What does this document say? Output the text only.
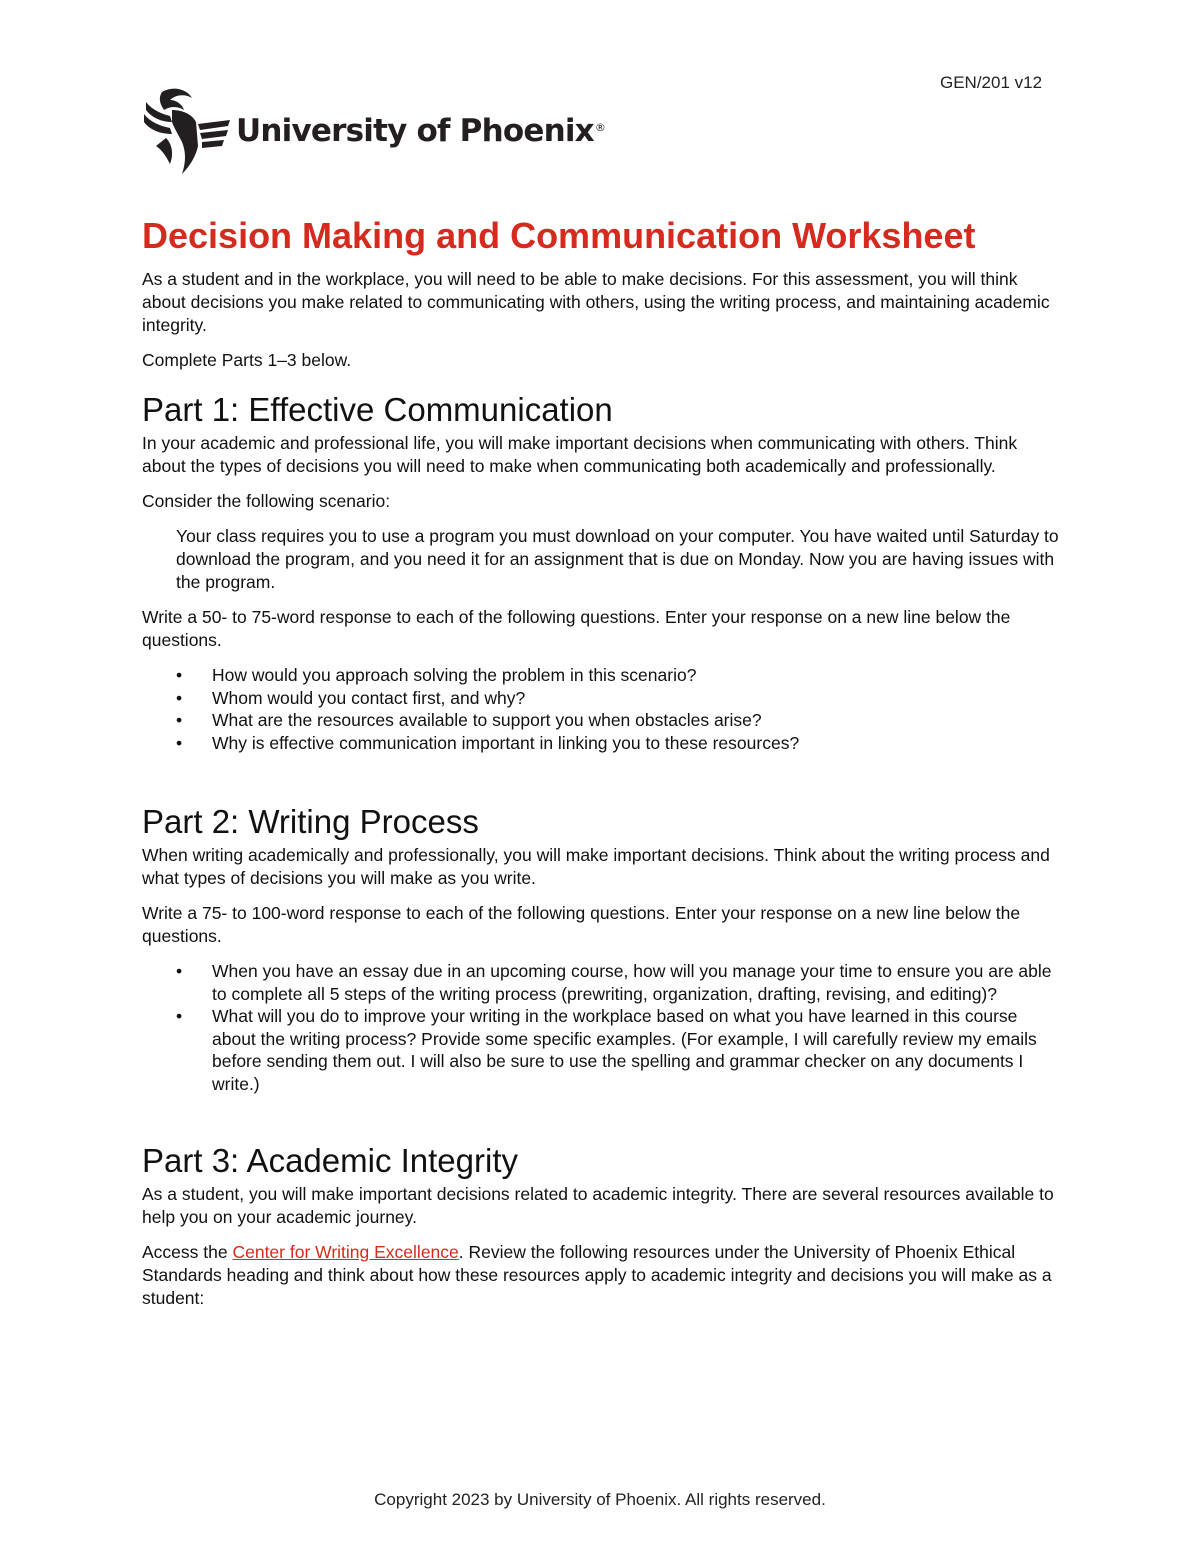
GEN/201 v12
University of Phoenix®
Decision Making and Communication Worksheet

As a student and in the workplace, you will need to be able to make decisions. For this assessment, you will think about decisions you make related to communicating with others, using the writing process, and maintaining academic integrity.

Complete Parts 1–3 below.

Part 1: Effective Communication

In your academic and professional life, you will make important decisions when communicating with others. Think about the types of decisions you will need to make when communicating both academically and professionally.

Consider the following scenario:

Your class requires you to use a program you must download on your computer. You have waited until Saturday to download the program, and you need it for an assignment that is due on Monday. Now you are having issues with the program.

Write a 50- to 75-word response to each of the following questions. Enter your response on a new line below the questions.

• How would you approach solving the problem in this scenario?
• Whom would you contact first, and why?
• What are the resources available to support you when obstacles arise?
• Why is effective communication important in linking you to these resources?
Part 2: Writing Process

When writing academically and professionally, you will make important decisions. Think about the writing process and what types of decisions you will make as you write.

Write a 75- to 100-word response to each of the following questions. Enter your response on a new line below the questions.

• When you have an essay due in an upcoming course, how will you manage your time to ensure you are able to complete all 5 steps of the writing process (prewriting, organization, drafting, revising, and editing)?
• What will you do to improve your writing in the workplace based on what you have learned in this course about the writing process? Provide some specific examples. (For example, I will carefully review my emails before sending them out. I will also be sure to use the spelling and grammar checker on any documents I write.)
Part 3: Academic Integrity

As a student, you will make important decisions related to academic integrity. There are several resources available to help you on your academic journey.

Access the Center for Writing Excellence. Review the following resources under the University of Phoenix Ethical Standards heading and think about how these resources apply to academic integrity and decisions you will make as a student:

Copyright 2023 by University of Phoenix. All rights reserved.
